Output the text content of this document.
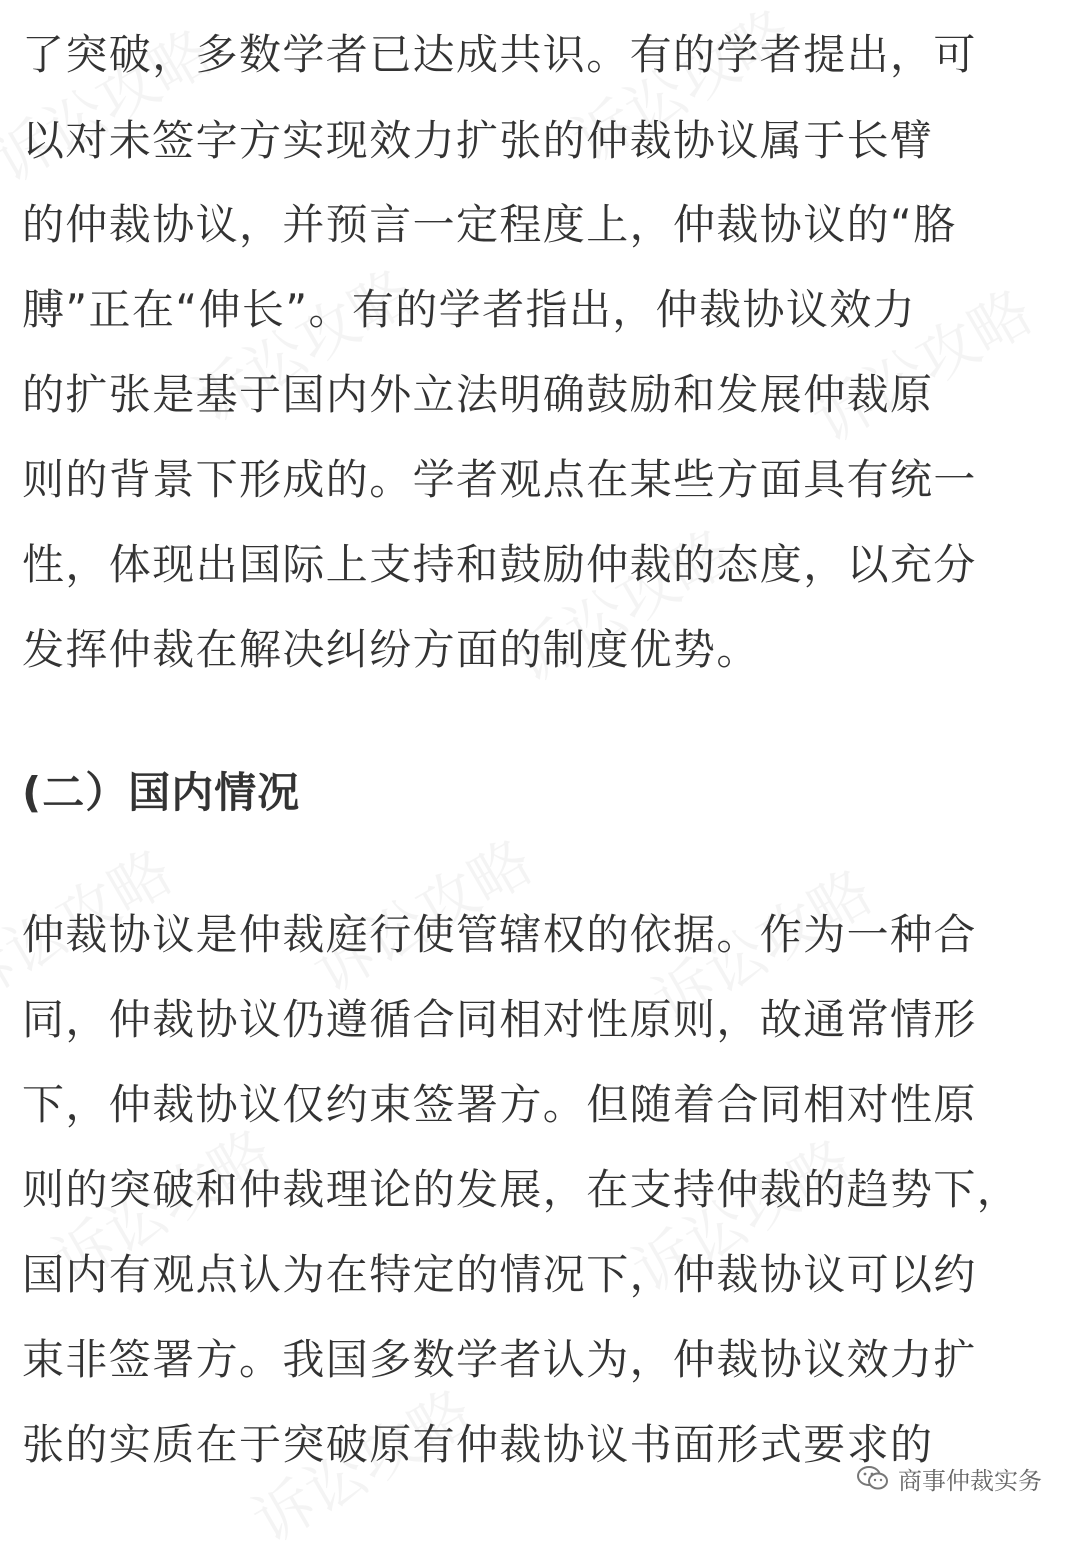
了突破，多数学者已达成共识。有的学者提出，可
以对未签字方实现效力扩张的仲裁协议属于长臂
的仲裁协议，并预言一定程度上，仲裁协议的“胳
膊”正在“伸长”。有的学者指出，仲裁协议效力
的扩张是基于国内外立法明确鼓励和发展仲裁原
则的背景下形成的。学者观点在某些方面具有统一
性，体现出国际上支持和鼓励仲裁的态度，以充分
发挥仲裁在解决纠纷方面的制度优势。
(二）国内情况
仲裁协议是仲裁庭行使管辖权的依据。作为一种合
同，仲裁协议仍遵循合同相对性原则，故通常情形
下，仲裁协议仅约束签署方。但随着合同相对性原
则的突破和仲裁理论的发展，在支持仲裁的趋势下，
国内有观点认为在特定的情况下，仲裁协议可以约
束非签署方。我国多数学者认为，仲裁协议效力扩
张的实质在于突破原有仲裁协议书面形式要求的
商事仲裁实务
